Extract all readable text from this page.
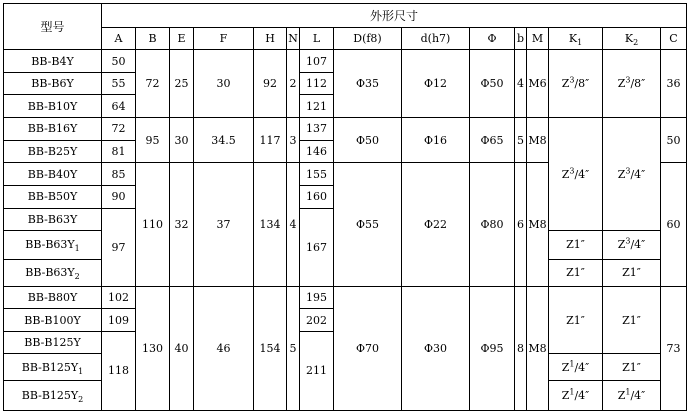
型号	外形尺寸														
	A	B	E	F	H	N	L	D(f8)	d(h7)	Φ	b	M	$K_1$	$K_2$	C
BB-B4Y	50	72	25	30	92	2	107	Φ35	Φ12	Φ50	4	M6	$Z^3/8''$	$Z^3/8''$	36
BB-B6Y	55						112								
BB-B10Y	64						121								
BB-B16Y	72	95	30	34.5	117	3	137	Φ50	Φ16	Φ65	5	M8	$Z^3/4''$	$Z^3/4''$	50
BB-B25Y	81						146								
BB-B40Y	85	110	32	37	134	4	155	Φ55	Φ22	Φ80	6	M8			60
BB-B50Y	90						160								
BB-B63Y	97						167								
$BB-B63Y_1$													Z1″	$Z^3/4''$	
$BB-B63Y_2$													Z1″	Z1″	
BB-B80Y	102	130	40	46	154	5	195	Φ70	Φ30	Φ95	8	M8	Z1″	Z1″	73
BB-B100Y	109						202								
BB-B125Y	118						211								
$BB-B125Y_1$													$Z^1/4''$	Z1″	
$BB-B125Y_2$													$Z^1/4''$	$Z^1/4''$	
